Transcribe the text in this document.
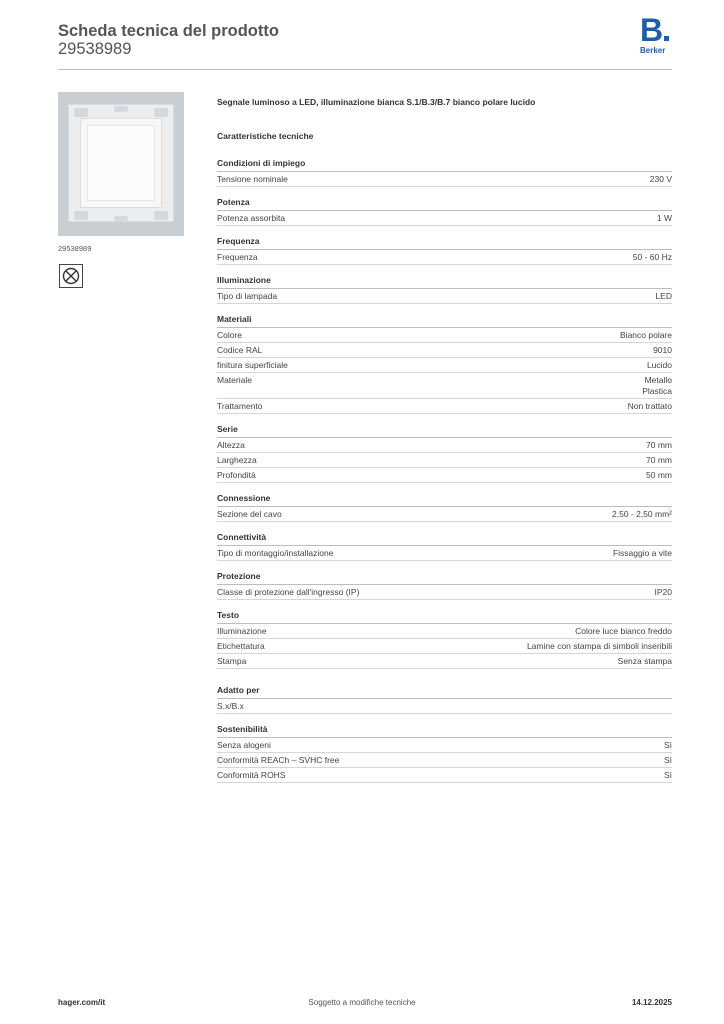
Scheda tecnica del prodotto
29538989
B
Berker
29538989
Segnale luminoso a LED, illuminazione bianca S.1/B.3/B.7 bianco polare lucido
Caratteristiche tecniche
Condizioni di impiego
Tensione nominale	230 V
Potenza
Potenza assorbita	1 W
Frequenza
Frequenza	50 - 60 Hz
Illuminazione
Tipo di lampada	LED
Materiali
Colore	Bianco polare
Codice RAL	9010
finitura superficiale	Lucido
Materiale	Metallo
Plastica
Trattamento	Non trattato
Serie
Altezza	70 mm
Larghezza	70 mm
Profondità	50 mm
Connessione
Sezione del cavo	2,50 - 2,50 mm²
Connettività
Tipo di montaggio/installazione	Fissaggio a vite
Protezione
Classe di protezione dall'ingresso (IP)	IP20
Testo
Illuminazione	Colore luce bianco freddo
Etichettatura	Lamine con stampa di simboli inseribili
Stampa	Senza stampa
Adatto per
S.x/B.x
Sostenibilità
Senza alogeni	Sì
Conformità REACh – SVHC free	Sì
Conformità ROHS	Sì
hager.com/it	Soggetto a modifiche tecniche	14.12.2025
